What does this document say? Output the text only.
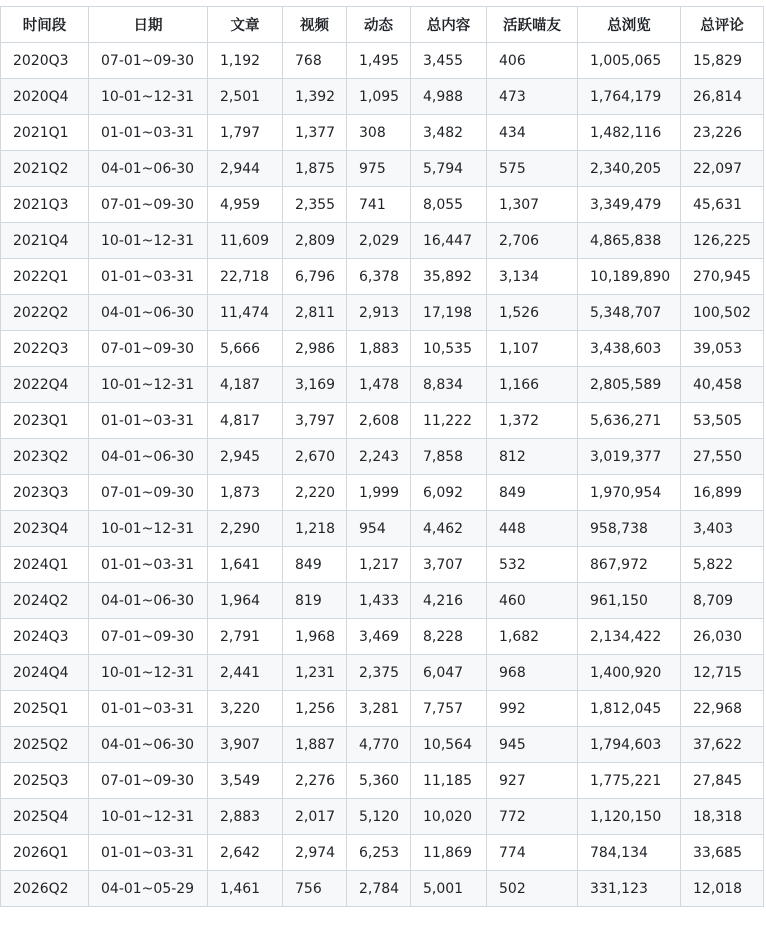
时间段	日期	文章	视频	动态	总内容	活跃喵友	总浏览	总评论
2020Q3	07-01~09-30	1,192	768	1,495	3,455	406	1,005,065	15,829
2020Q4	10-01~12-31	2,501	1,392	1,095	4,988	473	1,764,179	26,814
2021Q1	01-01~03-31	1,797	1,377	308	3,482	434	1,482,116	23,226
2021Q2	04-01~06-30	2,944	1,875	975	5,794	575	2,340,205	22,097
2021Q3	07-01~09-30	4,959	2,355	741	8,055	1,307	3,349,479	45,631
2021Q4	10-01~12-31	11,609	2,809	2,029	16,447	2,706	4,865,838	126,225
2022Q1	01-01~03-31	22,718	6,796	6,378	35,892	3,134	10,189,890	270,945
2022Q2	04-01~06-30	11,474	2,811	2,913	17,198	1,526	5,348,707	100,502
2022Q3	07-01~09-30	5,666	2,986	1,883	10,535	1,107	3,438,603	39,053
2022Q4	10-01~12-31	4,187	3,169	1,478	8,834	1,166	2,805,589	40,458
2023Q1	01-01~03-31	4,817	3,797	2,608	11,222	1,372	5,636,271	53,505
2023Q2	04-01~06-30	2,945	2,670	2,243	7,858	812	3,019,377	27,550
2023Q3	07-01~09-30	1,873	2,220	1,999	6,092	849	1,970,954	16,899
2023Q4	10-01~12-31	2,290	1,218	954	4,462	448	958,738	3,403
2024Q1	01-01~03-31	1,641	849	1,217	3,707	532	867,972	5,822
2024Q2	04-01~06-30	1,964	819	1,433	4,216	460	961,150	8,709
2024Q3	07-01~09-30	2,791	1,968	3,469	8,228	1,682	2,134,422	26,030
2024Q4	10-01~12-31	2,441	1,231	2,375	6,047	968	1,400,920	12,715
2025Q1	01-01~03-31	3,220	1,256	3,281	7,757	992	1,812,045	22,968
2025Q2	04-01~06-30	3,907	1,887	4,770	10,564	945	1,794,603	37,622
2025Q3	07-01~09-30	3,549	2,276	5,360	11,185	927	1,775,221	27,845
2025Q4	10-01~12-31	2,883	2,017	5,120	10,020	772	1,120,150	18,318
2026Q1	01-01~03-31	2,642	2,974	6,253	11,869	774	784,134	33,685
2026Q2	04-01~05-29	1,461	756	2,784	5,001	502	331,123	12,018
